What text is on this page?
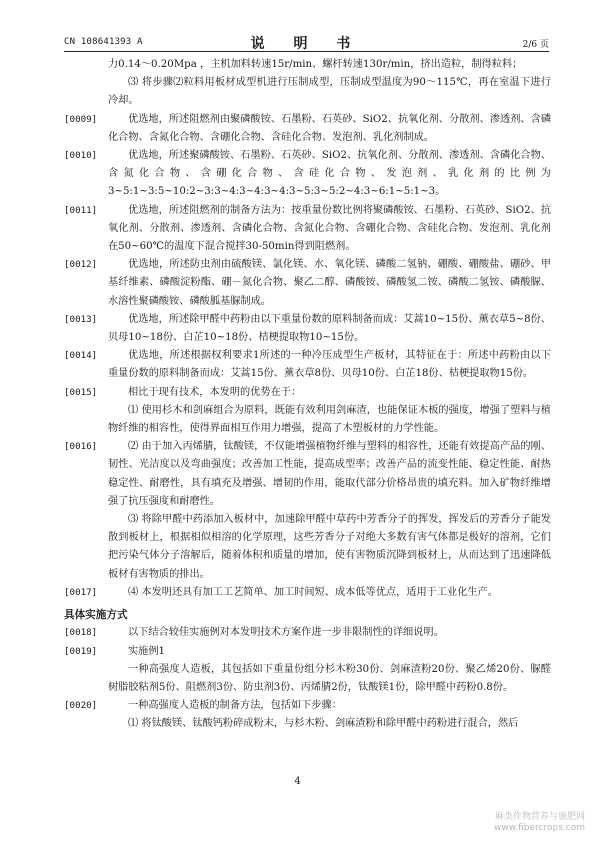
CN 108641393 A	说 明 书	2/6 页
力0.14～0.20Mpa ，主机加料转速15r/min、螺杆转速130r/min，挤出造粒，制得粒料；
⑶ 将步骤⑵粒料用板材成型机进行压制成型，压制成型温度为90～115℃，再在室温下进行冷却。
[0009]	优选地，所述阻燃剂由聚磷酸铵、石墨粉、石英砂、SiO2、抗氧化剂、分散剂、渗透剂、含磷化合物、含氮化合物、含硼化合物、含硅化合物、发泡剂、乳化剂制成。
[0010]	优选地，所述聚磷酸铵、石墨粉、石英砂、SiO2、抗氧化剂、分散剂、渗透剂、含磷化合物、含氮化合物、含硼化合物、含硅化合物、发泡剂、乳化剂的比例为3~5:1~3:5~10:2~3:3~4:3~4:3~4:3~5:3~5:2~4:3~6:1~5:1~3。
[0011]	优选地，所述阻燃剂的制备方法为：按重量份数比例将聚磷酸铵、石墨粉、石英砂、SiO2、抗氧化剂、分散剂、渗透剂、含磷化合物、含氮化合物、含硼化合物、含硅化合物、发泡剂、乳化剂在50~60℃的温度下混合搅拌30-50min得到阻燃剂。
[0012]	优选地，所述防虫剂由硫酸镁、氯化镁、水、氧化镁、磷酸二氢钠、硼酸、硼酸盐、硼砂、甲基纤维素、磷酸淀粉酯、硼－氮化合物、聚乙二醇、磷酸铵、磷酸氢二铵、磷酸二氢铵、磷酸脲、水溶性聚磷酸铵、磷酸胍基脲制成。
[0013]	优选地，所述除甲醛中药粉由以下重量份数的原料制备而成：艾蒿10~15份、薰衣草5~8份、贝母10~18份、白芷10~18份、桔梗提取物10~15份。
[0014]	优选地，所述根据权利要求1所述的一种冷压成型生产板材，其特征在于：所述中药粉由以下重量份数的原料制备而成：艾蒿15份、薰衣草8份、贝母10份、白芷18份、桔梗提取物15份。
[0015]	相比于现有技术，本发明的优势在于：
⑴ 使用杉木和剑麻组合为原料，既能有效利用剑麻渣，也能保证木板的强度，增强了塑料与植物纤维的相容性，使得界面相互作用力增强，提高了木塑板材的力学性能。
[0016]	⑵ 由于加入丙烯腈，钛酸镁，不仅能增强植物纤维与塑料的相容性，还能有效提高产品的刚、韧性、光洁度以及弯曲强度；改善加工性能，提高成型率；改善产品的流变性能、稳定性能、耐热稳定性、耐磨性，具有填充及增强、增韧的作用，能取代部分价格昂贵的填充料。加入矿物纤维增强了抗压强度和耐磨性。
⑶ 将除甲醛中药添加入板材中，加速除甲醛中草药中芳香分子的挥发，挥发后的芳香分子能发散到板材上，根据相似相溶的化学原理，这些芳香分子对绝大多数有害气体都是极好的溶剂，它们把污染气体分子溶解后，随着体积和质量的增加，使有害物质沉降到板材上，从而达到了迅速降低板材有害物质的排出。
[0017]	⑷ 本发明还具有加工工艺简单、加工时间短、成本低等优点，适用于工业化生产。
具体实施方式
[0018]	以下结合较佳实施例对本发明技术方案作进一步非限制性的详细说明。
[0019]	实施例1
一种高强度人造板，其包括如下重量份组分杉木粉30份、剑麻渣粉20份、聚乙烯20份、脲醛树脂胶粘剂5份、阻燃剂3份、防虫剂3份、丙烯腈2份，钛酸镁1份，除甲醛中药粉0.8份。
[0020]	一种高强度人造板的制备方法，包括如下步骤：
⑴ 将钛酸镁、钛酸钙粉碎成粉末，与杉木粉、剑麻渣粉和除甲醛中药粉进行混合，然后
4
麻类作物营养与施肥网
www.fibercrops.com
